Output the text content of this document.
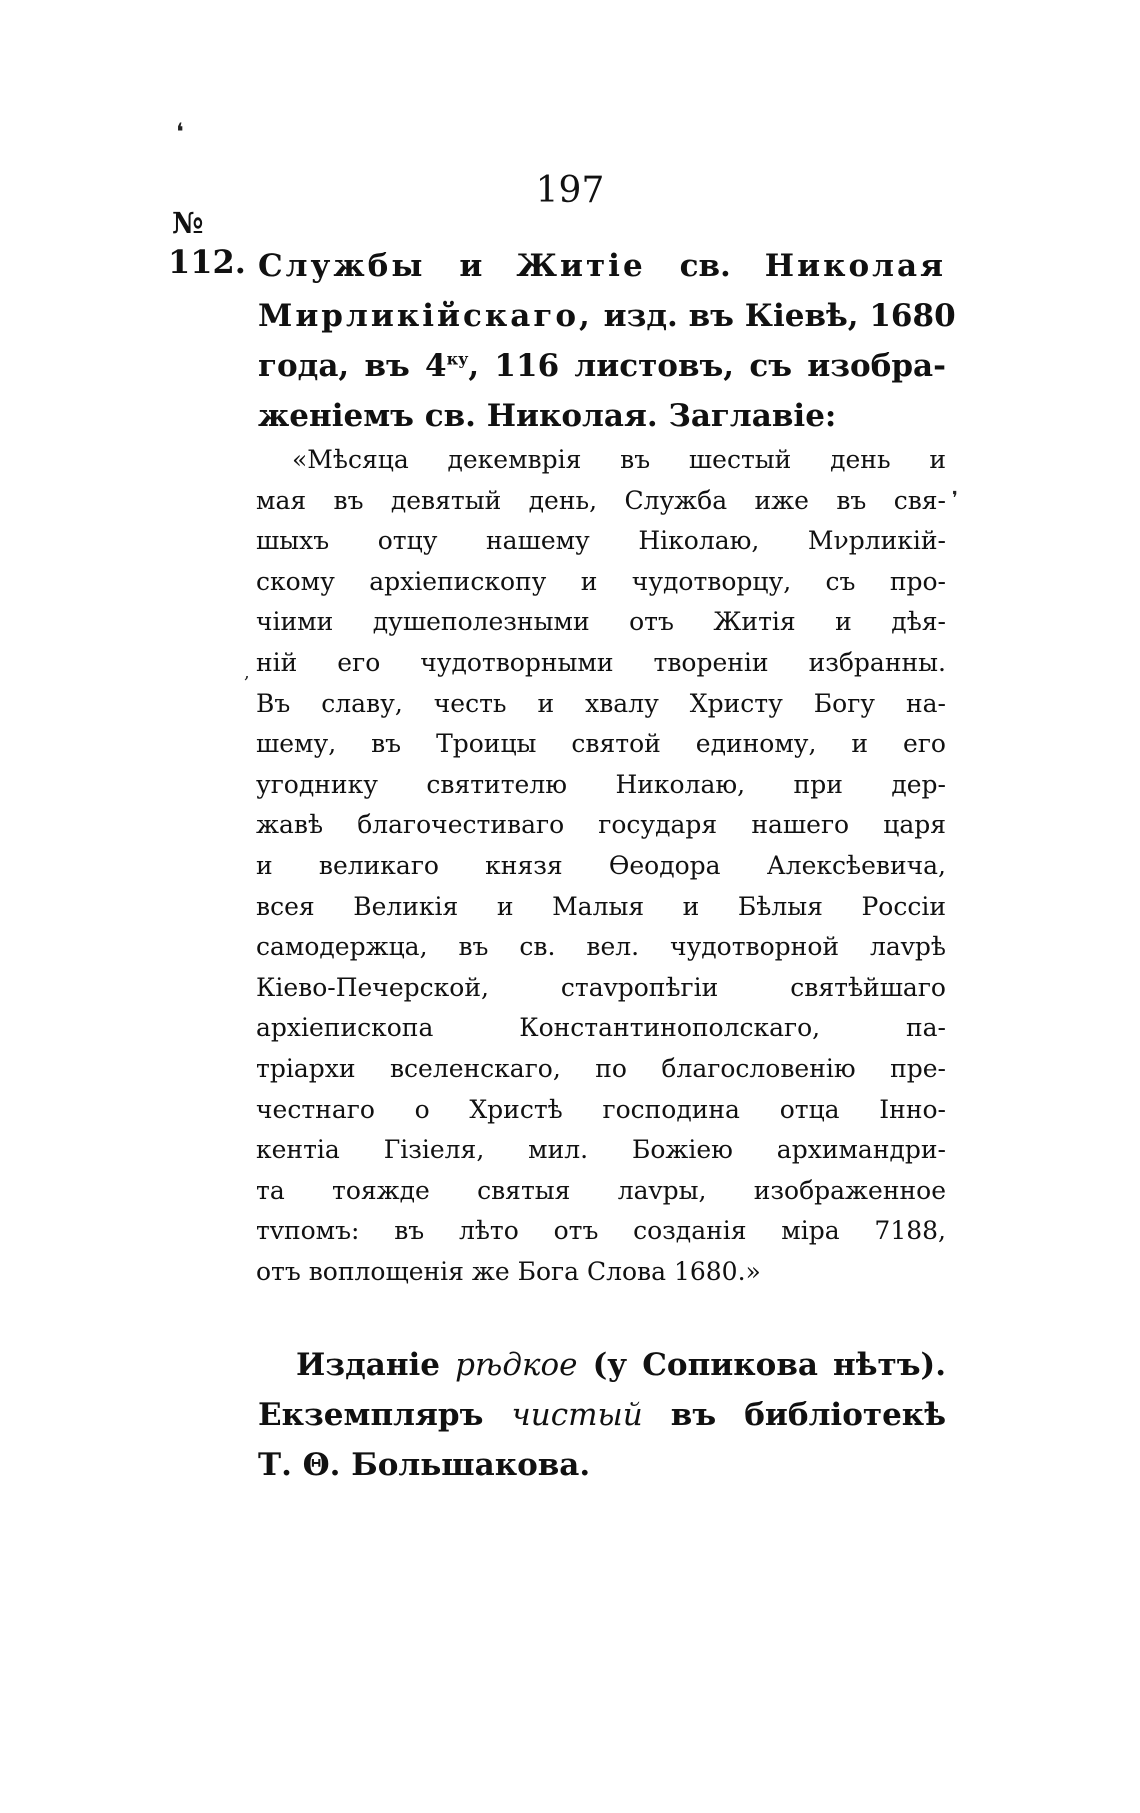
197
№
112. Службы и Житіе св. Николая
Мирликійскаго, изд. въ Кіевѣ, 1680
года, въ $4^{ку}$, 116 листовъ, съ изобра-
женіемъ св. Николая. Заглавіе:
«Мѣсяца декемврія въ шестый день и
мая въ девятый день, Служба иже въ свя-
шыхъ отцу нашему Ніколаю, Мνрликій-
скому архіепископу и чудотворцу, съ про-
чіими душеполезными отъ Житія и дѣя-
ній его чудотворными твореніи избранны.
Въ славу, честь и хвалу Христу Богу на-
шему, въ Троицы святой единому, и его
угоднику святителю Николаю, при дер-
жавѣ благочестиваго государя нашего царя
и великаго князя Өеодора Алексѣевича,
всея Великія и Малыя и Бѣлыя Россіи
самодержца, въ св. вел. чудотворной лаvрѣ
Кіево-Печерской, стаvропѣгіи святѣйшаго
архіепископа Константинополскаго, па-
тріархи вселенскаго, по благословенію пре-
честнаго о Христѣ господина отца Інно-
кентіа Гізіеля, мил. Божіею архимандри-
та тояжде святыя лаvры, изображенное
тvпомъ: въ лѣто отъ созданія міра 7188,
отъ воплощенія же Бога Слова 1680.»
Изданіе рѣдкое (у Сопикова нѣтъ).
Екземпляръ чистый въ библіотекѣ
Т. Θ. Большакова.
❛
❜
,
